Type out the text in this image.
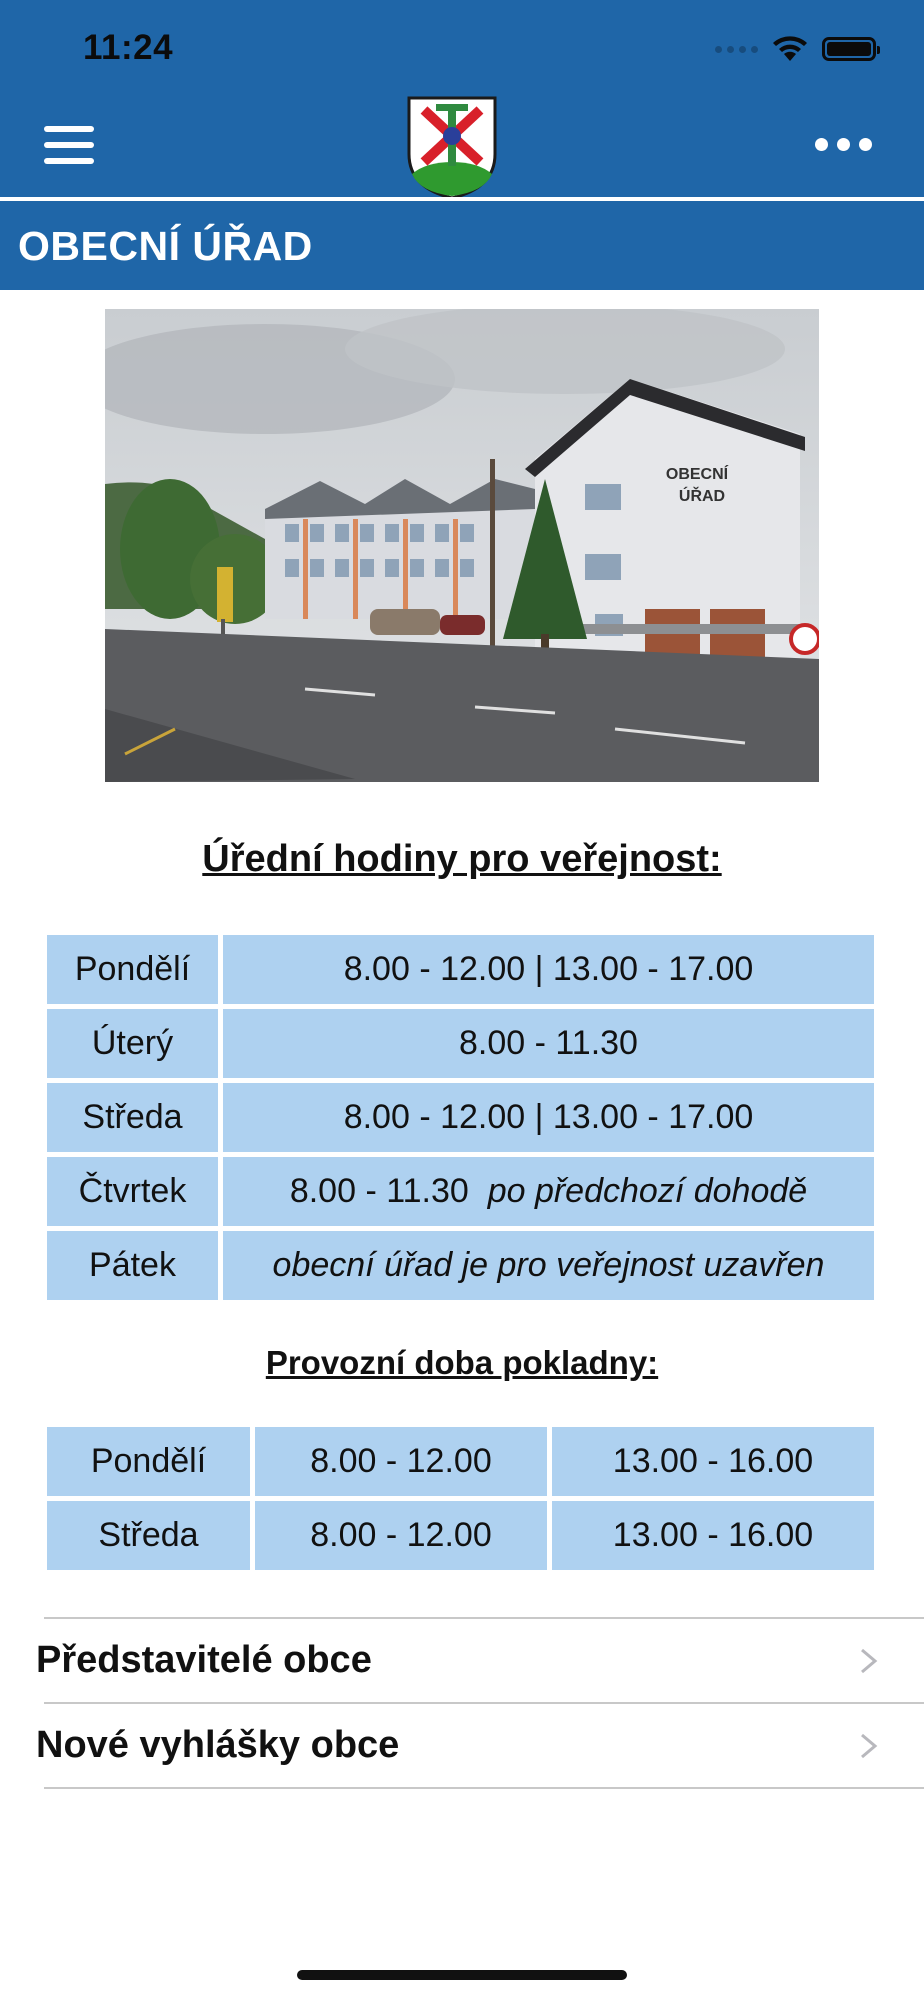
11:24
OBECNÍ ÚŘAD
OBECNÍ
ÚŘAD
Úřední hodiny pro veřejnost:
Pondělí	8.00 - 12.00 | 13.00 - 17.00
Úterý	8.00 - 11.30
Středa	8.00 - 12.00 | 13.00 - 17.00
Čtvrtek	8.00 - 11.30 po předchozí dohodě
Pátek	obecní úřad je pro veřejnost uzavřen
Provozní doba pokladny:
Pondělí	8.00 - 12.00	13.00 - 16.00
Středa	8.00 - 12.00	13.00 - 16.00
Představitelé obce
Nové vyhlášky obce
